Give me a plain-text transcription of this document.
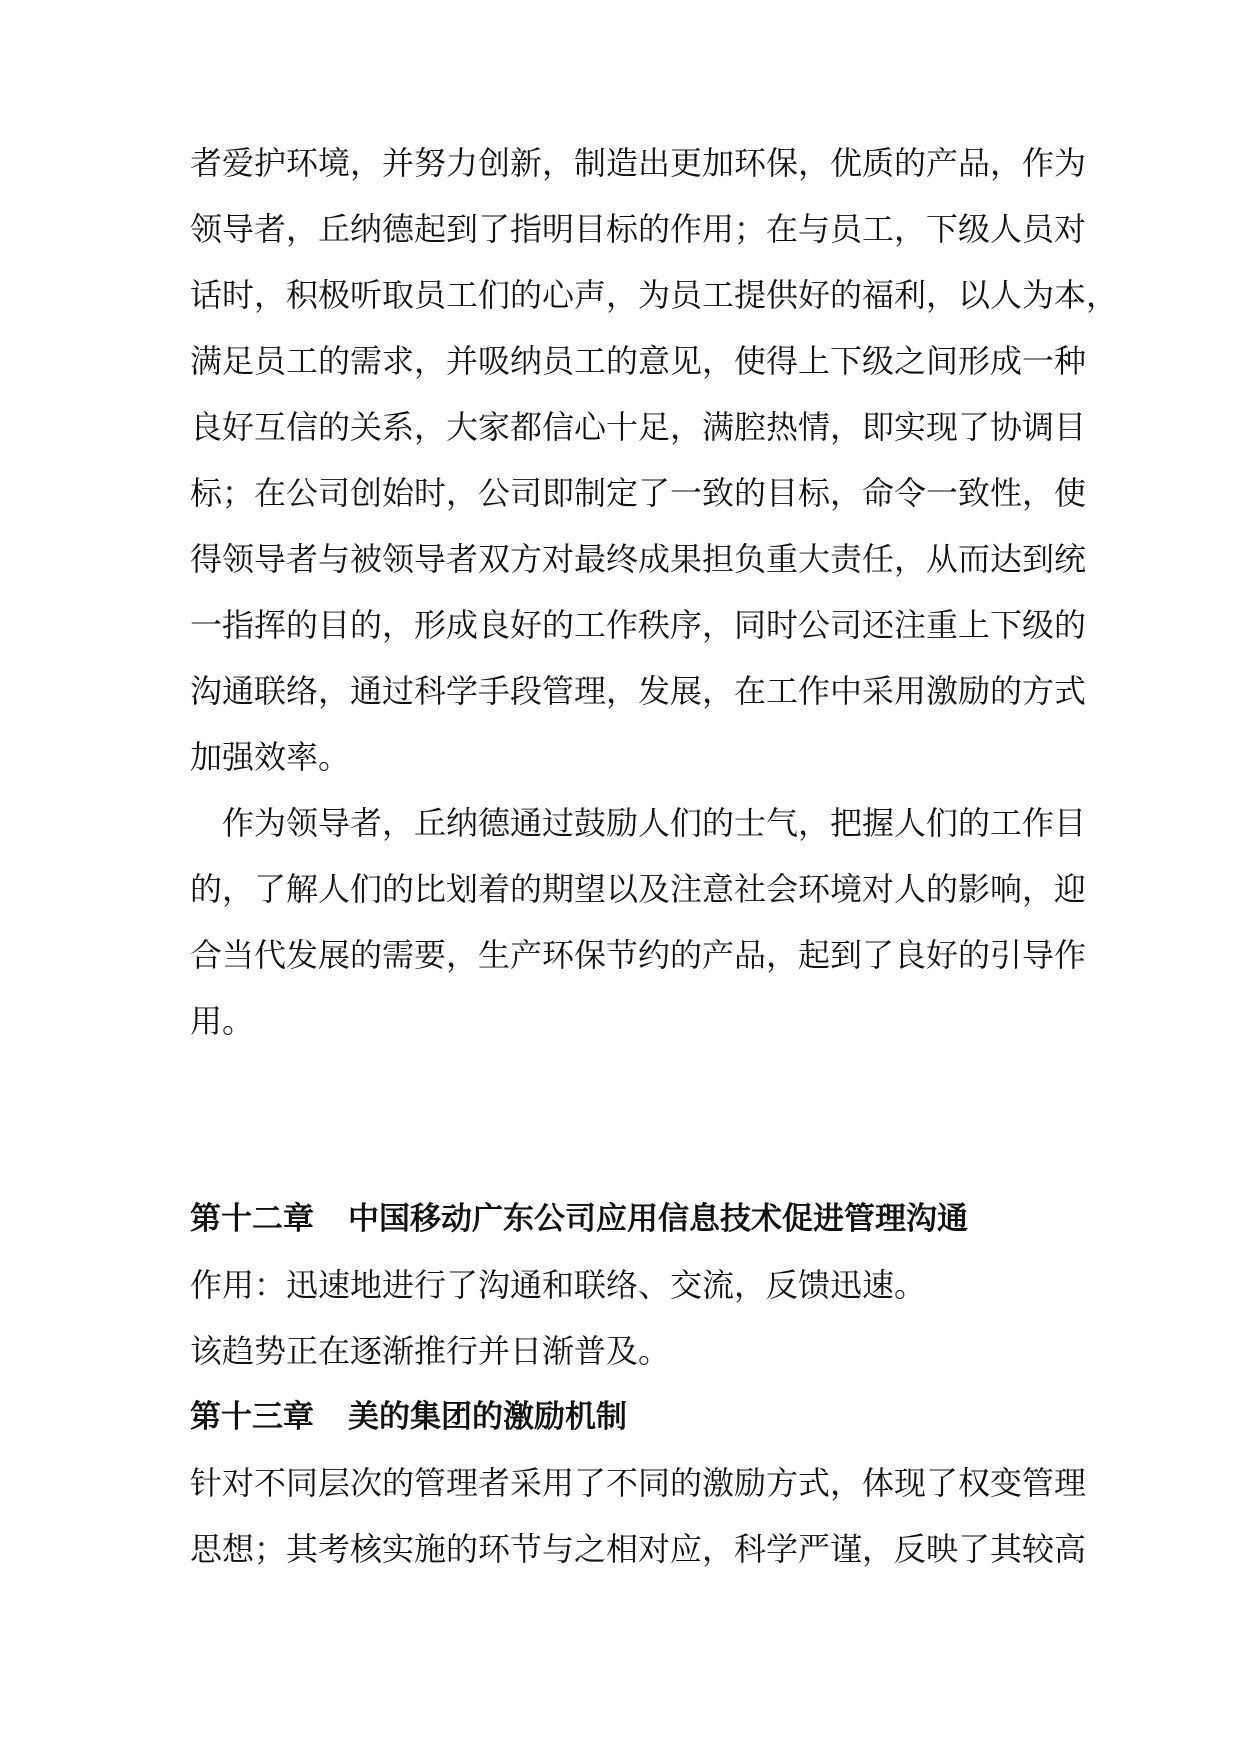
者爱护环境，并努力创新，制造出更加环保，优质的产品，作为
领导者，丘纳德起到了指明目标的作用；在与员工，下级人员对
话时，积极听取员工们的心声，为员工提供好的福利，以人为本，
满足员工的需求，并吸纳员工的意见，使得上下级之间形成一种
良好互信的关系，大家都信心十足，满腔热情，即实现了协调目
标；在公司创始时，公司即制定了一致的目标，命令一致性，使
得领导者与被领导者双方对最终成果担负重大责任，从而达到统
一指挥的目的，形成良好的工作秩序，同时公司还注重上下级的
沟通联络，通过科学手段管理，发展，在工作中采用激励的方式
加强效率。
作为领导者，丘纳德通过鼓励人们的士气，把握人们的工作目
的，了解人们的比划着的期望以及注意社会环境对人的影响，迎
合当代发展的需要，生产环保节约的产品，起到了良好的引导作
用。
第十二章 中国移动广东公司应用信息技术促进管理沟通
作用：迅速地进行了沟通和联络、交流，反馈迅速。
该趋势正在逐渐推行并日渐普及。
第十三章 美的集团的激励机制
针对不同层次的管理者采用了不同的激励方式，体现了权变管理
思想；其考核实施的环节与之相对应，科学严谨，反映了其较高
